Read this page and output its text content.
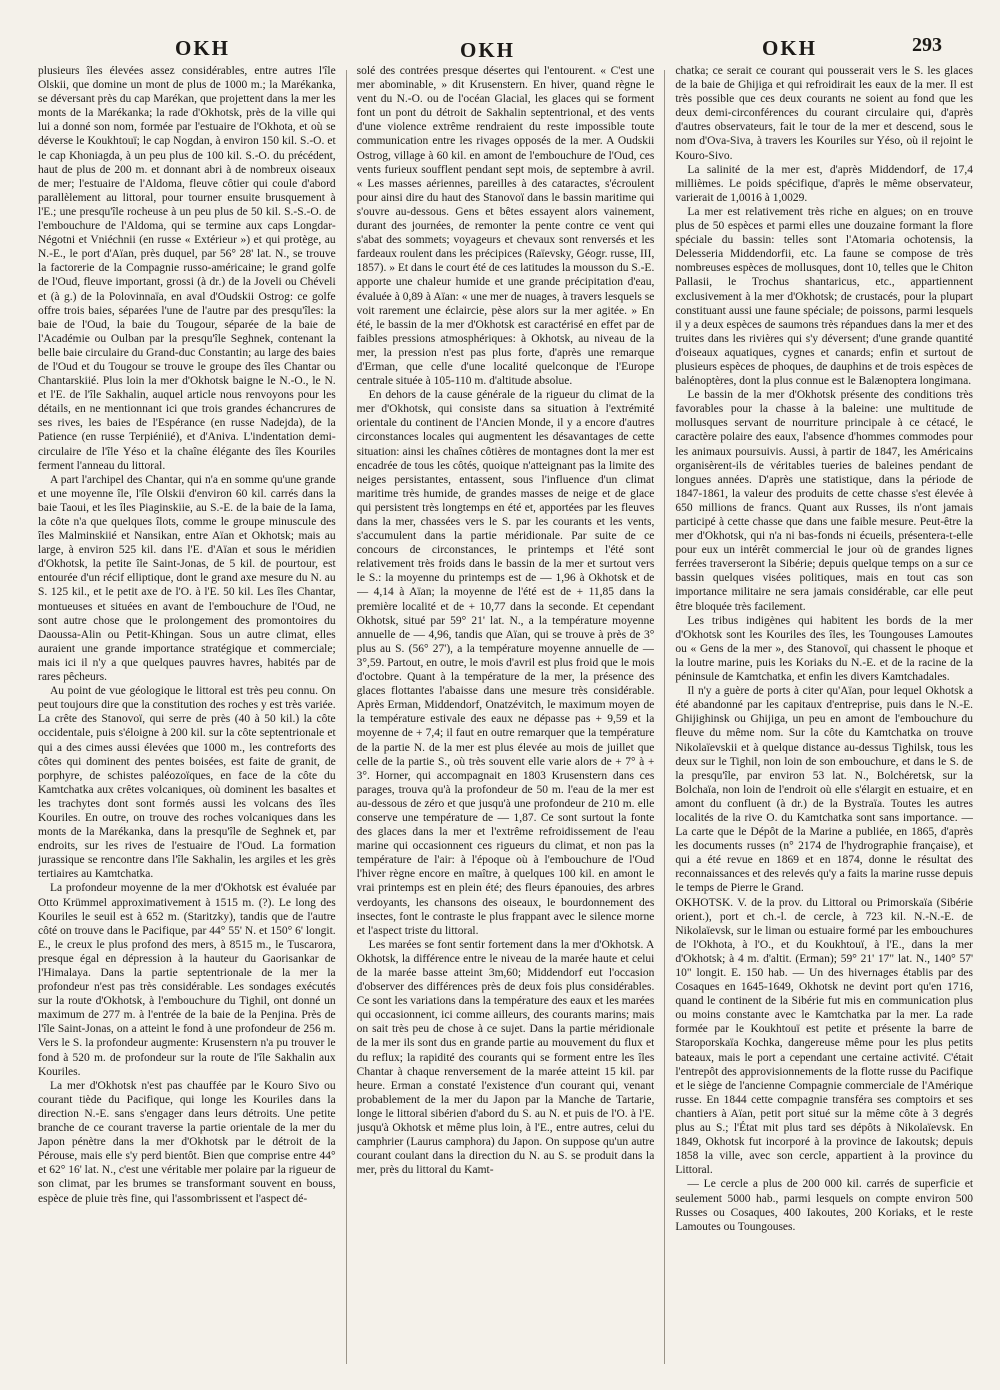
OKH	OKH	OKH	293

plusieurs îles élevées assez considérables, entre autres l'île Olskii, que domine un mont de plus de 1000 m.; la Marékanka, se déversant près du cap Marékan, que projettent dans la mer les monts de la Marékanka; la rade d'Okhotsk, près de la ville qui lui a donné son nom, formée par l'estuaire de l'Okhota, et où se déverse le Koukhtouï; le cap Nogdan, à environ 150 kil. S.-O. et le cap Khoniagda, à un peu plus de 100 kil. S.-O. du précédent, haut de plus de 200 m. et donnant abri à de nombreux oiseaux de mer; l'estuaire de l'Aldoma, fleuve côtier qui coule d'abord parallèlement au littoral, pour tourner ensuite brusquement à l'E.; une presqu'île rocheuse à un peu plus de 50 kil. S.-S.-O. de l'embouchure de l'Aldoma, qui se termine aux caps Longdar-Négotni et Vniéchnii (en russe « Extérieur ») et qui protège, au N.-E., le port d'Aïan, près duquel, par 56° 28' lat. N., se trouve la factorerie de la Compagnie russo-américaine; le grand golfe de l'Oud, fleuve important, grossi (à dr.) de la Joveli ou Chéveli et (à g.) de la Polovinnaïa, en aval d'Oudskii Ostrog: ce golfe offre trois baies, séparées l'une de l'autre par des presqu'îles: la baie de l'Oud, la baie du Tougour, séparée de la baie de l'Académie ou Oulban par la presqu'île Seghnek, contenant la belle baie circulaire du Grand-duc Constantin; au large des baies de l'Oud et du Tougour se trouve le groupe des îles Chantar ou Chantarskiié. Plus loin la mer d'Okhotsk baigne le N.-O., le N. et l'E. de l'île Sakhalin, auquel article nous renvoyons pour les détails, en ne mentionnant ici que trois grandes échancrures de ses rives, les baies de l'Espérance (en russe Nadejda), de la Patience (en russe Terpiéniié), et d'Aniva. L'indentation demi-circulaire de l'île Yéso et la chaîne élégante des îles Kouriles ferment l'anneau du littoral.

A part l'archipel des Chantar, qui n'a en somme qu'une grande et une moyenne île, l'île Olskii d'environ 60 kil. carrés dans la baie Taoui, et les îles Piaginskiie, au S.-E. de la baie de la Iama, la côte n'a que quelques îlots, comme le groupe minuscule des îles Malminskiié et Nansikan, entre Aïan et Okhotsk; mais au large, à environ 525 kil. dans l'E. d'Aïan et sous le méridien d'Okhotsk, la petite île Saint-Jonas, de 5 kil. de pourtour, est entourée d'un récif elliptique, dont le grand axe mesure du N. au S. 125 kil., et le petit axe de l'O. à l'E. 50 kil. Les îles Chantar, montueuses et situées en avant de l'embouchure de l'Oud, ne sont autre chose que le prolongement des promontoires du Daoussa-Alin ou Petit-Khingan. Sous un autre climat, elles auraient une grande importance stratégique et commerciale; mais ici il n'y a que quelques pauvres havres, habités par de rares pêcheurs.

Au point de vue géologique le littoral est très peu connu. On peut toujours dire que la constitution des roches y est très variée. La crête des Stanovoï, qui serre de près (40 à 50 kil.) la côte occidentale, puis s'éloigne à 200 kil. sur la côte septentrionale et qui a des cimes aussi élevées que 1000 m., les contreforts des côtes qui dominent des pentes boisées, est faite de granit, de porphyre, de schistes paléozoïques, en face de la côte du Kamtchatka aux crêtes volcaniques, où dominent les basaltes et les trachytes dont sont formés aussi les volcans des îles Kouriles. En outre, on trouve des roches volcaniques dans les monts de la Marékanka, dans la presqu'île de Seghnek et, par endroits, sur les rives de l'estuaire de l'Oud. La formation jurassique se rencontre dans l'île Sakhalin, les argiles et les grès tertiaires au Kamtchatka.

La profondeur moyenne de la mer d'Okhotsk est évaluée par Otto Krümmel approximativement à 1515 m. (?). Le long des Kouriles le seuil est à 652 m. (Staritzky), tandis que de l'autre côté on trouve dans le Pacifique, par 44° 55' N. et 150° 6' longit. E., le creux le plus profond des mers, à 8515 m., le Tuscarora, presque égal en dépression à la hauteur du Gaorisankar de l'Himalaya. Dans la partie septentrionale de la mer la profondeur n'est pas très considérable. Les sondages exécutés sur la route d'Okhotsk, à l'embouchure du Tighil, ont donné un maximum de 277 m. à l'entrée de la baie de la Penjina. Près de l'île Saint-Jonas, on a atteint le fond à une profondeur de 256 m. Vers le S. la profondeur augmente: Krusenstern n'a pu trouver le fond à 520 m. de profondeur sur la route de l'île Sakhalin aux Kouriles.

La mer d'Okhotsk n'est pas chauffée par le Kouro Sivo ou courant tiède du Pacifique, qui longe les Kouriles dans la direction N.-E. sans s'engager dans leurs détroits. Une petite branche de ce courant traverse la partie orientale de la mer du Japon pénètre dans la mer d'Okhotsk par le détroit de la Pérouse, mais elle s'y perd bientôt. Bien que comprise entre 44° et 62° 16' lat. N., c'est une véritable mer polaire par la rigueur de son climat, par les brumes se transformant souvent en bouss, espèce de pluie très fine, qui l'assombrissent et l'aspect dé-

solé des contrées presque désertes qui l'entourent. « C'est une mer abominable, » dit Krusenstern. En hiver, quand règne le vent du N.-O. ou de l'océan Glacial, les glaces qui se forment font un pont du détroit de Sakhalin septentrional, et des vents d'une violence extrême rendraient du reste impossible toute communication entre les rivages opposés de la mer. A Oudskii Ostrog, village à 60 kil. en amont de l'embouchure de l'Oud, ces vents furieux soufflent pendant sept mois, de septembre à avril. « Les masses aériennes, pareilles à des cataractes, s'écroulent pour ainsi dire du haut des Stanovoï dans le bassin maritime qui s'ouvre au-dessous. Gens et bêtes essayent alors vainement, durant des journées, de remonter la pente contre ce vent qui s'abat des sommets; voyageurs et chevaux sont renversés et les fardeaux roulent dans les précipices (Raïevsky, Géogr. russe, III, 1857). » Et dans le court été de ces latitudes la mousson du S.-E. apporte une chaleur humide et une grande précipitation d'eau, évaluée à 0,89 à Aïan: « une mer de nuages, à travers lesquels se voit rarement une éclaircie, pèse alors sur la mer agitée. » En été, le bassin de la mer d'Okhotsk est caractérisé en effet par de faibles pressions atmosphériques: à Okhotsk, au niveau de la mer, la pression n'est pas plus forte, d'après une remarque d'Erman, que celle d'une localité quelconque de l'Europe centrale située à 105-110 m. d'altitude absolue.

En dehors de la cause générale de la rigueur du climat de la mer d'Okhotsk, qui consiste dans sa situation à l'extrémité orientale du continent de l'Ancien Monde, il y a encore d'autres circonstances locales qui augmentent les désavantages de cette situation: ainsi les chaînes côtières de montagnes dont la mer est encadrée de tous les côtés, quoique n'atteignant pas la limite des neiges persistantes, entassent, sous l'influence d'un climat maritime très humide, de grandes masses de neige et de glace qui persistent très longtemps en été et, apportées par les fleuves dans la mer, chassées vers le S. par les courants et les vents, s'accumulent dans la partie méridionale. Par suite de ce concours de circonstances, le printemps et l'été sont relativement très froids dans le bassin de la mer et surtout vers le S.: la moyenne du printemps est de — 1,96 à Okhotsk et de — 4,14 à Aïan; la moyenne de l'été est de + 11,85 dans la première localité et de + 10,77 dans la seconde. Et cependant Okhotsk, situé par 59° 21' lat. N., a la température moyenne annuelle de — 4,96, tandis que Aïan, qui se trouve à près de 3° plus au S. (56° 27'), a la température moyenne annuelle de — 3°,59. Partout, en outre, le mois d'avril est plus froid que le mois d'octobre. Quant à la température de la mer, la présence des glaces flottantes l'abaisse dans une mesure très considérable. Après Erman, Middendorf, Onatzévitch, le maximum moyen de la température estivale des eaux ne dépasse pas + 9,59 et la moyenne de + 7,4; il faut en outre remarquer que la température de la partie N. de la mer est plus élevée au mois de juillet que celle de la partie S., où très souvent elle varie alors de + 7° à + 3°. Horner, qui accompagnait en 1803 Krusenstern dans ces parages, trouva qu'à la profondeur de 50 m. l'eau de la mer est au-dessous de zéro et que jusqu'à une profondeur de 210 m. elle conserve une température de — 1,87. Ce sont surtout la fonte des glaces dans la mer et l'extrême refroidissement de l'eau marine qui occasionnent ces rigueurs du climat, et non pas la température de l'air: à l'époque où à l'embouchure de l'Oud l'hiver règne encore en maître, à quelques 100 kil. en amont le vrai printemps est en plein été; des fleurs épanouies, des arbres verdoyants, les chansons des oiseaux, le bourdonnement des insectes, font le contraste le plus frappant avec le silence morne et l'aspect triste du littoral.

Les marées se font sentir fortement dans la mer d'Okhotsk. A Okhotsk, la différence entre le niveau de la marée haute et celui de la marée basse atteint 3m,60; Middendorf eut l'occasion d'observer des différences près de deux fois plus considérables. Ce sont les variations dans la température des eaux et les marées qui occasionnent, ici comme ailleurs, des courants marins; mais on sait très peu de chose à ce sujet. Dans la partie méridionale de la mer ils sont dus en grande partie au mouvement du flux et du reflux; la rapidité des courants qui se forment entre les îles Chantar à chaque renversement de la marée atteint 15 kil. par heure. Erman a constaté l'existence d'un courant qui, venant probablement de la mer du Japon par la Manche de Tartarie, longe le littoral sibérien d'abord du S. au N. et puis de l'O. à l'E. jusqu'à Okhotsk et même plus loin, à l'E., entre autres, celui du camphrier (Laurus camphora) du Japon. On suppose qu'un autre courant coulant dans la direction du N. au S. se produit dans la mer, près du littoral du Kamt-

chatka; ce serait ce courant qui pousserait vers le S. les glaces de la baie de Ghijiga et qui refroidirait les eaux de la mer. Il est très possible que ces deux courants ne soient au fond que les deux demi-circonférences du courant circulaire qui, d'après d'autres observateurs, fait le tour de la mer et descend, sous le nom d'Ova-Siva, à travers les Kouriles sur Yéso, où il rejoint le Kouro-Sivo.

La salinité de la mer est, d'après Middendorf, de 17,4 millièmes. Le poids spécifique, d'après le même observateur, varierait de 1,0016 à 1,0029.

La mer est relativement très riche en algues; on en trouve plus de 50 espèces et parmi elles une douzaine formant la flore spéciale du bassin: telles sont l'Atomaria ochotensis, la Delesseria Middendorfii, etc. La faune se compose de très nombreuses espèces de mollusques, dont 10, telles que le Chiton Pallasii, le Trochus shantaricus, etc., appartiennent exclusivement à la mer d'Okhotsk; de crustacés, pour la plupart constituant aussi une faune spéciale; de poissons, parmi lesquels il y a deux espèces de saumons très répandues dans la mer et des truites dans les rivières qui s'y déversent; d'une grande quantité d'oiseaux aquatiques, cygnes et canards; enfin et surtout de plusieurs espèces de phoques, de dauphins et de trois espèces de balénoptères, dont la plus connue est le Balænoptera longimana.

Le bassin de la mer d'Okhotsk présente des conditions très favorables pour la chasse à la baleine: une multitude de mollusques servant de nourriture principale à ce cétacé, le caractère polaire des eaux, l'absence d'hommes commodes pour les animaux poursuivis. Aussi, à partir de 1847, les Américains organisèrent-ils de véritables tueries de baleines pendant de longues années. D'après une statistique, dans la période de 1847-1861, la valeur des produits de cette chasse s'est élevée à 650 millions de francs. Quant aux Russes, ils n'ont jamais participé à cette chasse que dans une faible mesure. Peut-être la mer d'Okhotsk, qui n'a ni bas-fonds ni écueils, présentera-t-elle pour eux un intérêt commercial le jour où de grandes lignes ferrées traverseront la Sibérie; depuis quelque temps on a sur ce bassin quelques visées politiques, mais en tout cas son importance militaire ne sera jamais considérable, car elle peut être bloquée très facilement.

Les tribus indigènes qui habitent les bords de la mer d'Okhotsk sont les Kouriles des îles, les Toungouses Lamoutes ou « Gens de la mer », des Stanovoï, qui chassent le phoque et la loutre marine, puis les Koriaks du N.-E. et de la racine de la péninsule de Kamtchatka, et enfin les divers Kamtchadales.

Il n'y a guère de ports à citer qu'Aïan, pour lequel Okhotsk a été abandonné par les capitaux d'entreprise, puis dans le N.-E. Ghijighinsk ou Ghijiga, un peu en amont de l'embouchure du fleuve du même nom. Sur la côte du Kamtchatka on trouve Nikolaïevskii et à quelque distance au-dessus Tighilsk, tous les deux sur le Tighil, non loin de son embouchure, et dans le S. de la presqu'île, par environ 53 lat. N., Bolchéretsk, sur la Bolchaïa, non loin de l'endroit où elle s'élargit en estuaire, et en amont du confluent (à dr.) de la Bystraïa. Toutes les autres localités de la rive O. du Kamtchatka sont sans importance. — La carte que le Dépôt de la Marine a publiée, en 1865, d'après les documents russes (n° 2174 de l'hydrographie française), et qui a été revue en 1869 et en 1874, donne le résultat des reconnaissances et des relevés qu'y a faits la marine russe depuis le temps de Pierre le Grand.

OKHOTSK. V. de la prov. du Littoral ou Primorskaïa (Sibérie orient.), port et ch.-l. de cercle, à 723 kil. N.-N.-E. de Nikolaïevsk, sur le liman ou estuaire formé par les embouchures de l'Okhota, à l'O., et du Koukhtouï, à l'E., dans la mer d'Okhotsk; à 4 m. d'altit. (Erman); 59° 21' 17" lat. N., 140° 57' 10" longit. E. 150 hab. — Un des hivernages établis par des Cosaques en 1645-1649, Okhotsk ne devint port qu'en 1716, quand le continent de la Sibérie fut mis en communication plus ou moins constante avec le Kamtchatka par la mer. La rade formée par le Koukhtouï est petite et présente la barre de Staroporskaïa Kochka, dangereuse même pour les plus petits bateaux, mais le port a cependant une certaine activité. C'était l'entrepôt des approvisionnements de la flotte russe du Pacifique et le siège de l'ancienne Compagnie commerciale de l'Amérique russe. En 1844 cette compagnie transféra ses comptoirs et ses chantiers à Aïan, petit port situé sur la même côte à 3 degrés plus au S.; l'État mit plus tard ses dépôts à Nikolaïevsk. En 1849, Okhotsk fut incorporé à la province de Iakoutsk; depuis 1858 la ville, avec son cercle, appartient à la province du Littoral.

— Le cercle a plus de 200 000 kil. carrés de superficie et seulement 5000 hab., parmi lesquels on compte environ 500 Russes ou Cosaques, 400 Iakoutes, 200 Koriaks, et le reste Lamoutes ou Toungouses.
